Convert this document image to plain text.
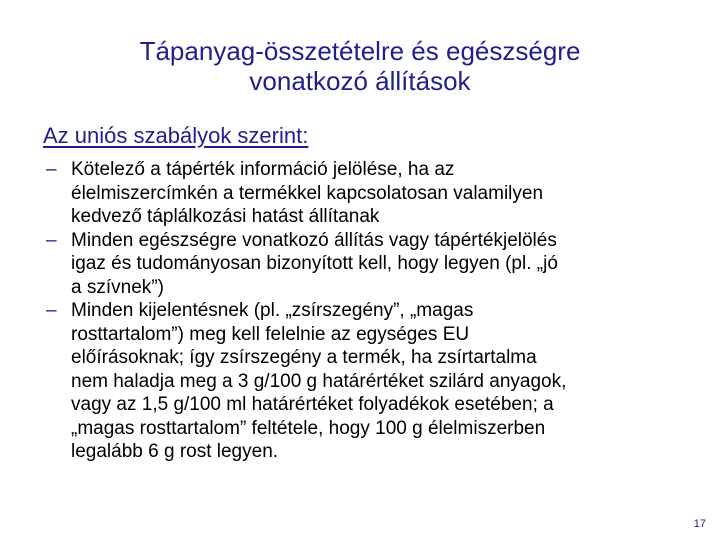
Tápanyag-összetételre és egészségre
vonatkozó állítások
Az uniós szabályok szerint:
– Kötelező a tápérték információ jelölése, ha az
élelmiszercímkén a termékkel kapcsolatosan valamilyen
kedvező táplálkozási hatást állítanak
– Minden egészségre vonatkozó állítás vagy tápértékjelölés
igaz és tudományosan bizonyított kell, hogy legyen (pl. „jó
a szívnek”)
– Minden kijelentésnek (pl. „zsírszegény”, „magas
rosttartalom”) meg kell felelnie az egységes EU
előírásoknak; így zsírszegény a termék, ha zsírtartalma
nem haladja meg a 3 g/100 g határértéket szilárd anyagok,
vagy az 1,5 g/100 ml határértéket folyadékok esetében; a
„magas rosttartalom” feltétele, hogy 100 g élelmiszerben
legalább 6 g rost legyen.
17
